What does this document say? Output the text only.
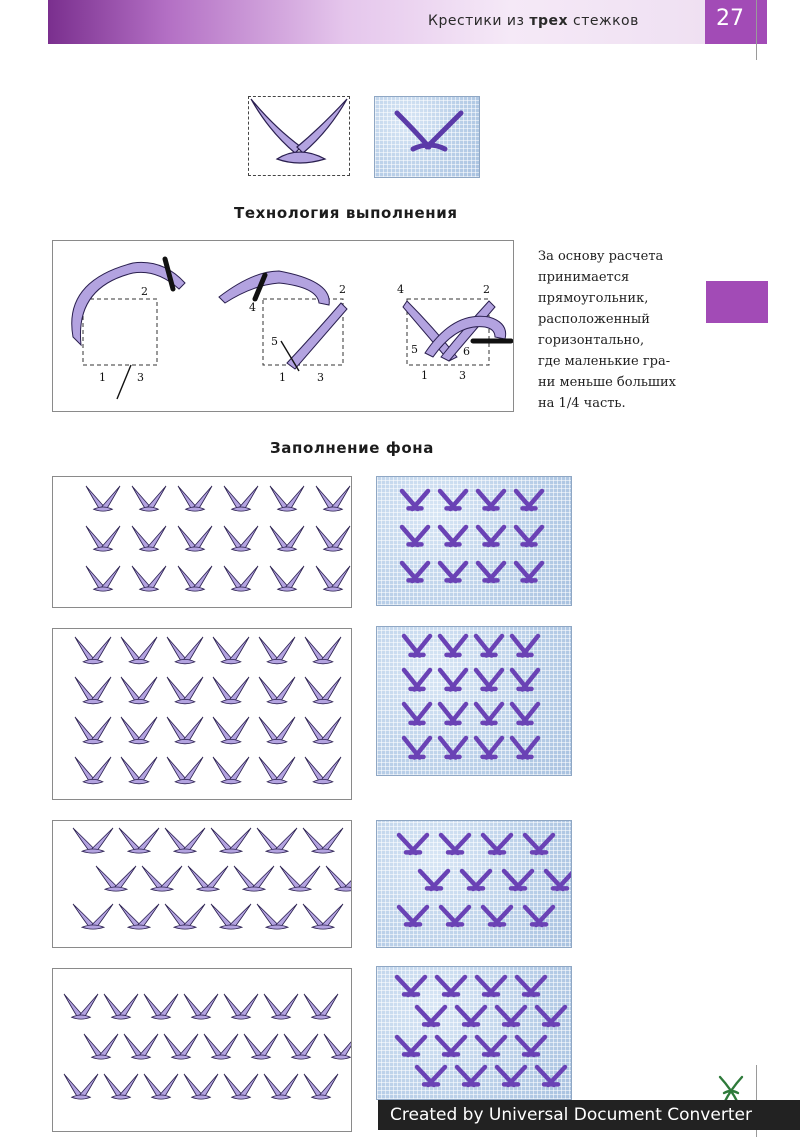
Крестики из трех стежков	27
Технология выполнения
1	3
2	2
4
5
1	3
4	2
5	6
1	3
За основу расчета
принимается
прямоугольник,
расположенный
горизонтально,
где маленькие гра-
ни меньше больших
на 1/4 часть.
Заполнение фона
Created by Universal Document Converter
